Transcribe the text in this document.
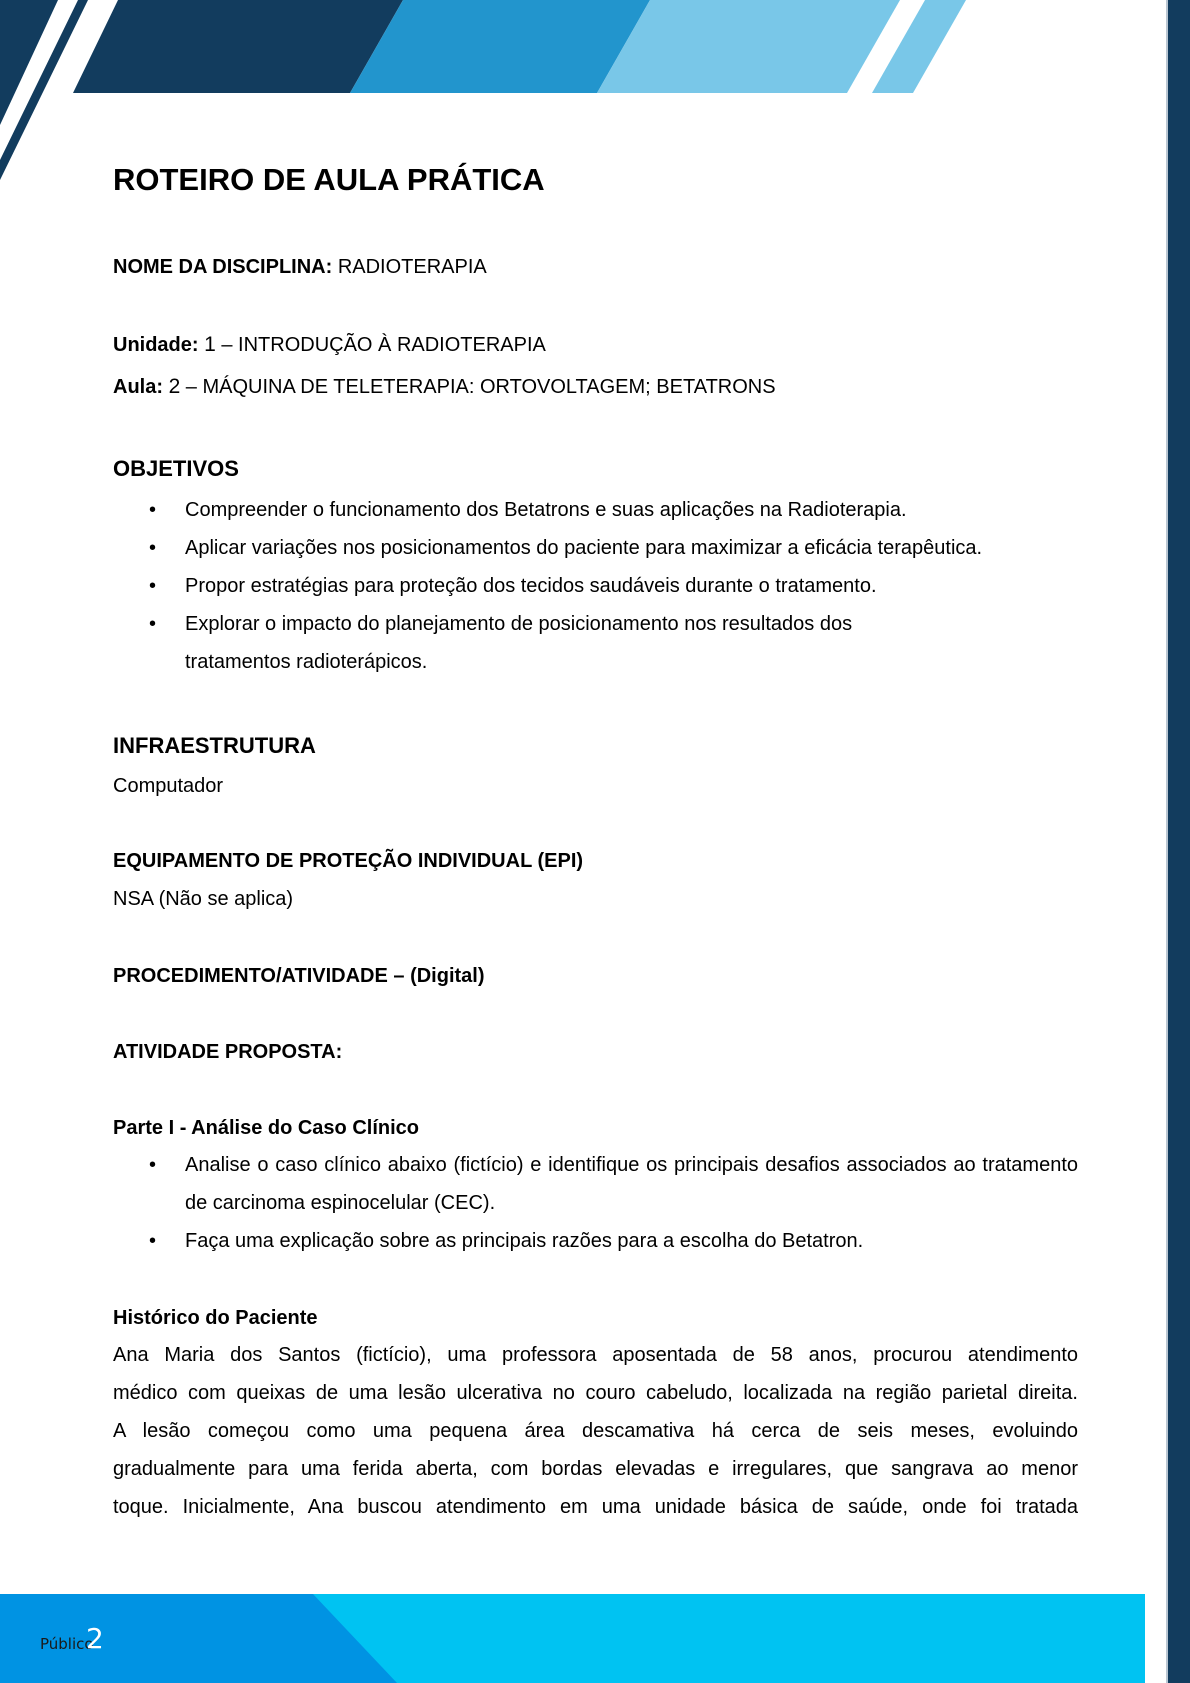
Público
2
ROTEIRO DE AULA PRÁTICA
NOME DA DISCIPLINA: RADIOTERAPIA
Unidade: 1 – INTRODUÇÃO À RADIOTERAPIA
Aula: 2 – MÁQUINA DE TELETERAPIA: ORTOVOLTAGEM; BETATRONS
OBJETIVOS
• Compreender o funcionamento dos Betatrons e suas aplicações na Radioterapia.
• Aplicar variações nos posicionamentos do paciente para maximizar a eficácia terapêutica.
• Propor estratégias para proteção dos tecidos saudáveis durante o tratamento.
• Explorar o impacto do planejamento de posicionamento nos resultados dos tratamentos radioterápicos.
INFRAESTRUTURA
Computador
EQUIPAMENTO DE PROTEÇÃO INDIVIDUAL (EPI)
NSA (Não se aplica)
PROCEDIMENTO/ATIVIDADE – (Digital)
ATIVIDADE PROPOSTA:
Parte I - Análise do Caso Clínico
• Analise o caso clínico abaixo (fictício) e identifique os principais desafios associados ao tratamento de carcinoma espinocelular (CEC).
• Faça uma explicação sobre as principais razões para a escolha do Betatron.
Histórico do Paciente
Ana Maria dos Santos (fictício), uma professora aposentada de 58 anos, procurou atendimento
médico com queixas de uma lesão ulcerativa no couro cabeludo, localizada na região parietal direita.
A lesão começou como uma pequena área descamativa há cerca de seis meses, evoluindo
gradualmente para uma ferida aberta, com bordas elevadas e irregulares, que sangrava ao menor
toque. Inicialmente, Ana buscou atendimento em uma unidade básica de saúde, onde foi tratada
